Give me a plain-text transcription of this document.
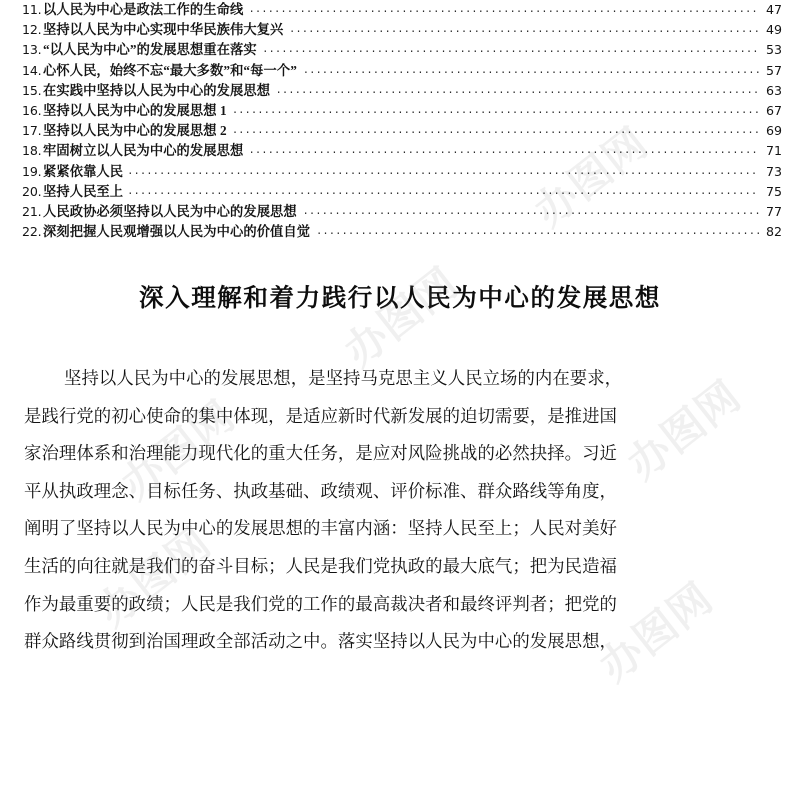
办图网
办图网	办图网
办图网	办图网
办图网
11. 以人民为中心是政法工作的生命线 .....	47
12. 坚持以人民为中心实现中华民族伟大复兴 .....	49
13. “以人民为中心”的发展思想重在落实 .....	53
14. 心怀人民，始终不忘“最大多数”和“每一个” .....	57
15. 在实践中坚持以人民为中心的发展思想 .....	63
16. 坚持以人民为中心的发展思想 1 .....	67
17. 坚持以人民为中心的发展思想 2 .....	69
18. 牢固树立以人民为中心的发展思想 .....	71
19. 紧紧依靠人民 .....	73
20. 坚持人民至上 .....	75
21. 人民政协必须坚持以人民为中心的发展思想 .....	77
22. 深刻把握人民观增强以人民为中心的价值自觉 .....	82
深入理解和着力践行以人民为中心的发展思想
坚持以人民为中心的发展思想，是坚持马克思主义人民立场的内在要求，
是践行党的初心使命的集中体现，是适应新时代新发展的迫切需要，是推进国
家治理体系和治理能力现代化的重大任务，是应对风险挑战的必然抉择。习近
平从执政理念、目标任务、执政基础、政绩观、评价标准、群众路线等角度，
阐明了坚持以人民为中心的发展思想的丰富内涵：坚持人民至上；人民对美好
生活的向往就是我们的奋斗目标；人民是我们党执政的最大底气；把为民造福
作为最重要的政绩；人民是我们党的工作的最高裁决者和最终评判者；把党的
群众路线贯彻到治国理政全部活动之中。落实坚持以人民为中心的发展思想，
